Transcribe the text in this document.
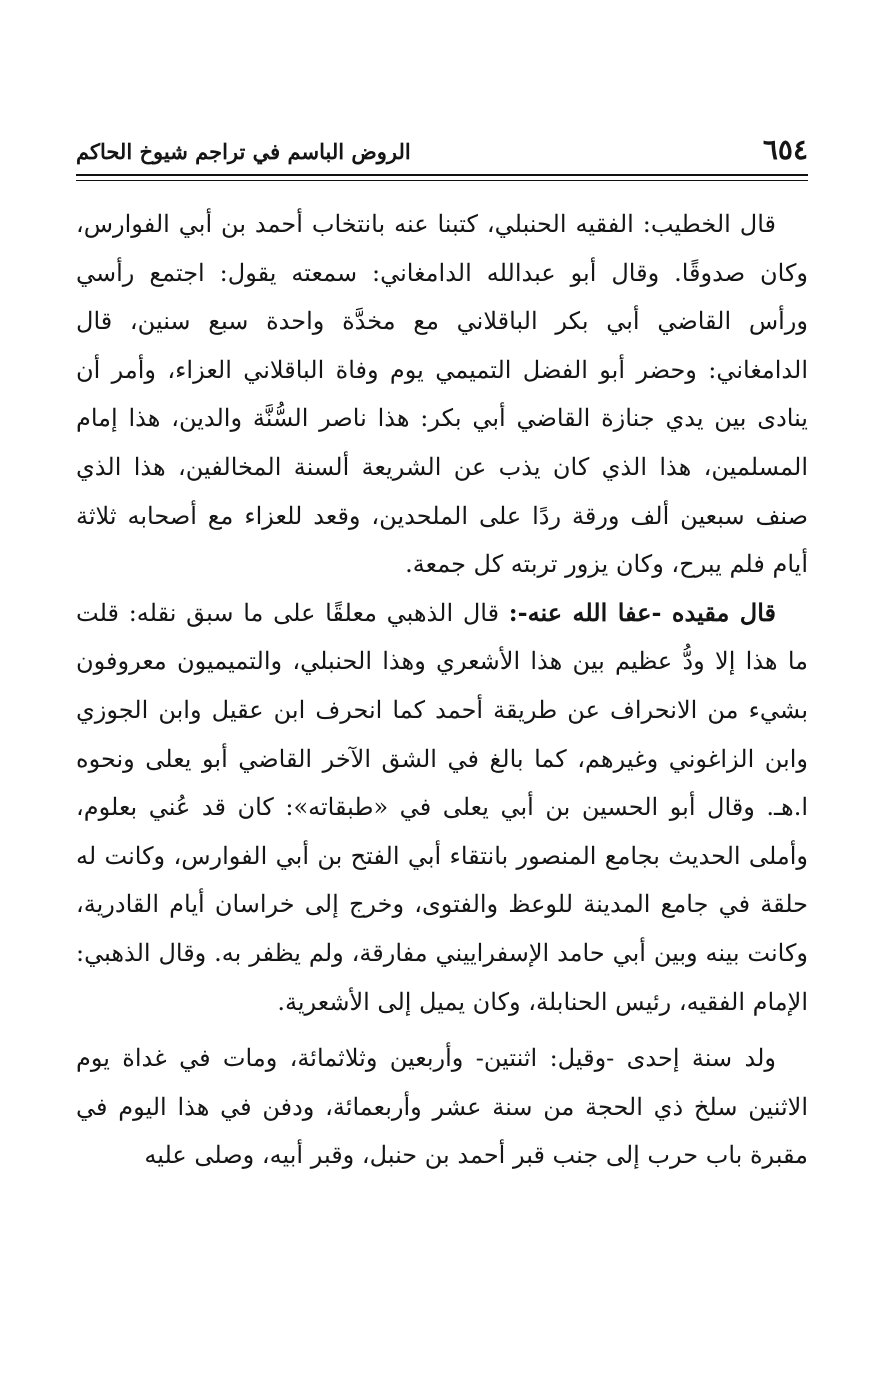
٦٥٤
الروض الباسم في تراجم شيوخ الحاكم

قال الخطيب: الفقيه الحنبلي، كتبنا عنه بانتخاب أحمد بن أبي الفوارس، وكان صدوقًا. وقال أبو عبدالله الدامغاني: سمعته يقول: اجتمع رأسي ورأس القاضي أبي بكر الباقلاني مع مخدَّة واحدة سبع سنين، قال الدامغاني: وحضر أبو الفضل التميمي يوم وفاة الباقلاني العزاء، وأمر أن ينادى بين يدي جنازة القاضي أبي بكر: هذا ناصر السُّنَّة والدين، هذا إمام المسلمين، هذا الذي كان يذب عن الشريعة ألسنة المخالفين، هذا الذي صنف سبعين ألف ورقة ردًا على الملحدين، وقعد للعزاء مع أصحابه ثلاثة أيام فلم يبرح، وكان يزور تربته كل جمعة.

قال مقيده -عفا الله عنه-: قال الذهبي معلقًا على ما سبق نقله: قلت ما هذا إلا ودُّ عظيم بين هذا الأشعري وهذا الحنبلي، والتميميون معروفون بشيء من الانحراف عن طريقة أحمد كما انحرف ابن عقيل وابن الجوزي وابن الزاغوني وغيرهم، كما بالغ في الشق الآخر القاضي أبو يعلى ونحوه ا.هـ. وقال أبو الحسين بن أبي يعلى في «طبقاته»: كان قد عُني بعلوم، وأملى الحديث بجامع المنصور بانتقاء أبي الفتح بن أبي الفوارس، وكانت له حلقة في جامع المدينة للوعظ والفتوى، وخرج إلى خراسان أيام القادرية، وكانت بينه وبين أبي حامد الإسفراييني مفارقة، ولم يظفر به. وقال الذهبي: الإمام الفقيه، رئيس الحنابلة، وكان يميل إلى الأشعرية.

ولد سنة إحدى -وقيل: اثنتين- وأربعين وثلاثمائة، ومات في غداة يوم الاثنين سلخ ذي الحجة من سنة عشر وأربعمائة، ودفن في هذا اليوم في مقبرة باب حرب إلى جنب قبر أحمد بن حنبل، وقبر أبيه، وصلى عليه
